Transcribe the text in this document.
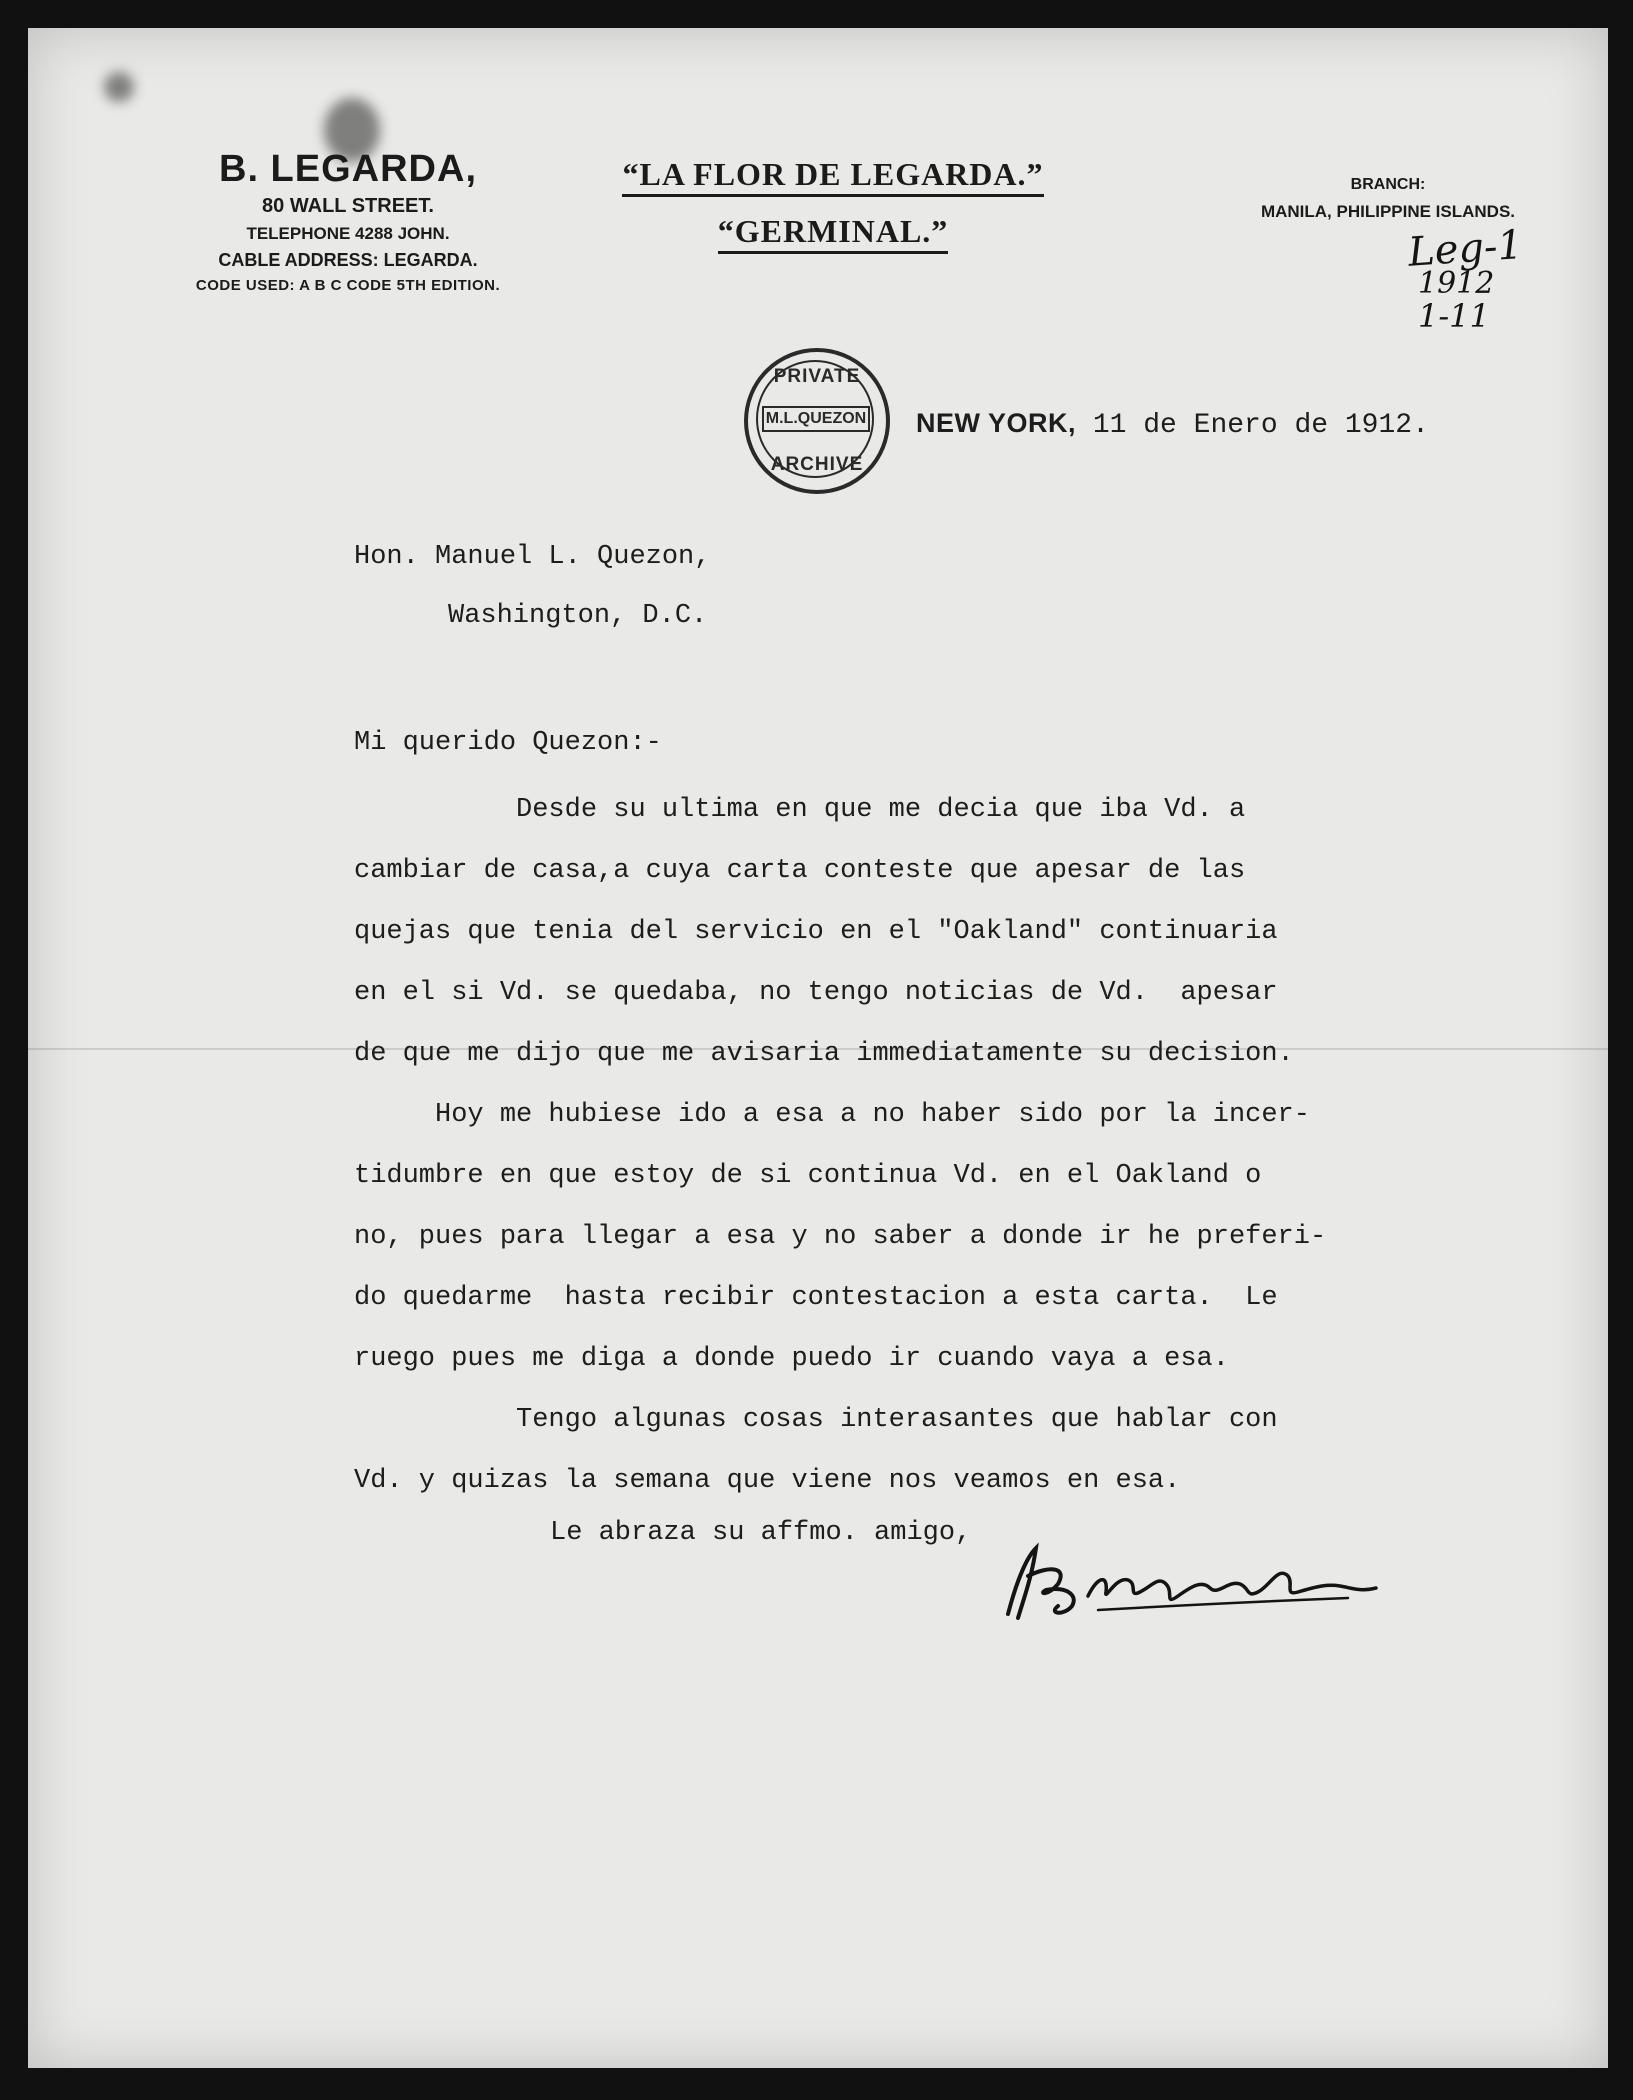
B. LEGARDA,
80 WALL STREET.
TELEPHONE 4288 JOHN.
CABLE ADDRESS: LEGARDA.
CODE USED: A B C CODE 5TH EDITION.
“LA FLOR DE LEGARDA.”
“GERMINAL.”
BRANCH:
MANILA, PHILIPPINE ISLANDS.
Leg-1
1912
1-11
PRIVATE
M.L.QUEZON
ARCHIVE
NEW YORK, 11 de Enero de 1912.
Hon. Manuel L. Quezon,
Washington, D.C.
Mi querido Quezon:-
Desde su ultima en que me decia que iba Vd. a
cambiar de casa,a cuya carta conteste que apesar de las
quejas que tenia del servicio en el "Oakland" continuaria
en el si Vd. se quedaba, no tengo noticias de Vd.  apesar
de que me dijo que me avisaria immediatamente su decision.
Hoy me hubiese ido a esa a no haber sido por la incer-
tidumbre en que estoy de si continua Vd. en el Oakland o
no, pues para llegar a esa y no saber a donde ir he preferi-
do quedarme  hasta recibir contestacion a esta carta.  Le
ruego pues me diga a donde puedo ir cuando vaya a esa.
Tengo algunas cosas interasantes que hablar con
Vd. y quizas la semana que viene nos veamos en esa.
Le abraza su affmo. amigo,
